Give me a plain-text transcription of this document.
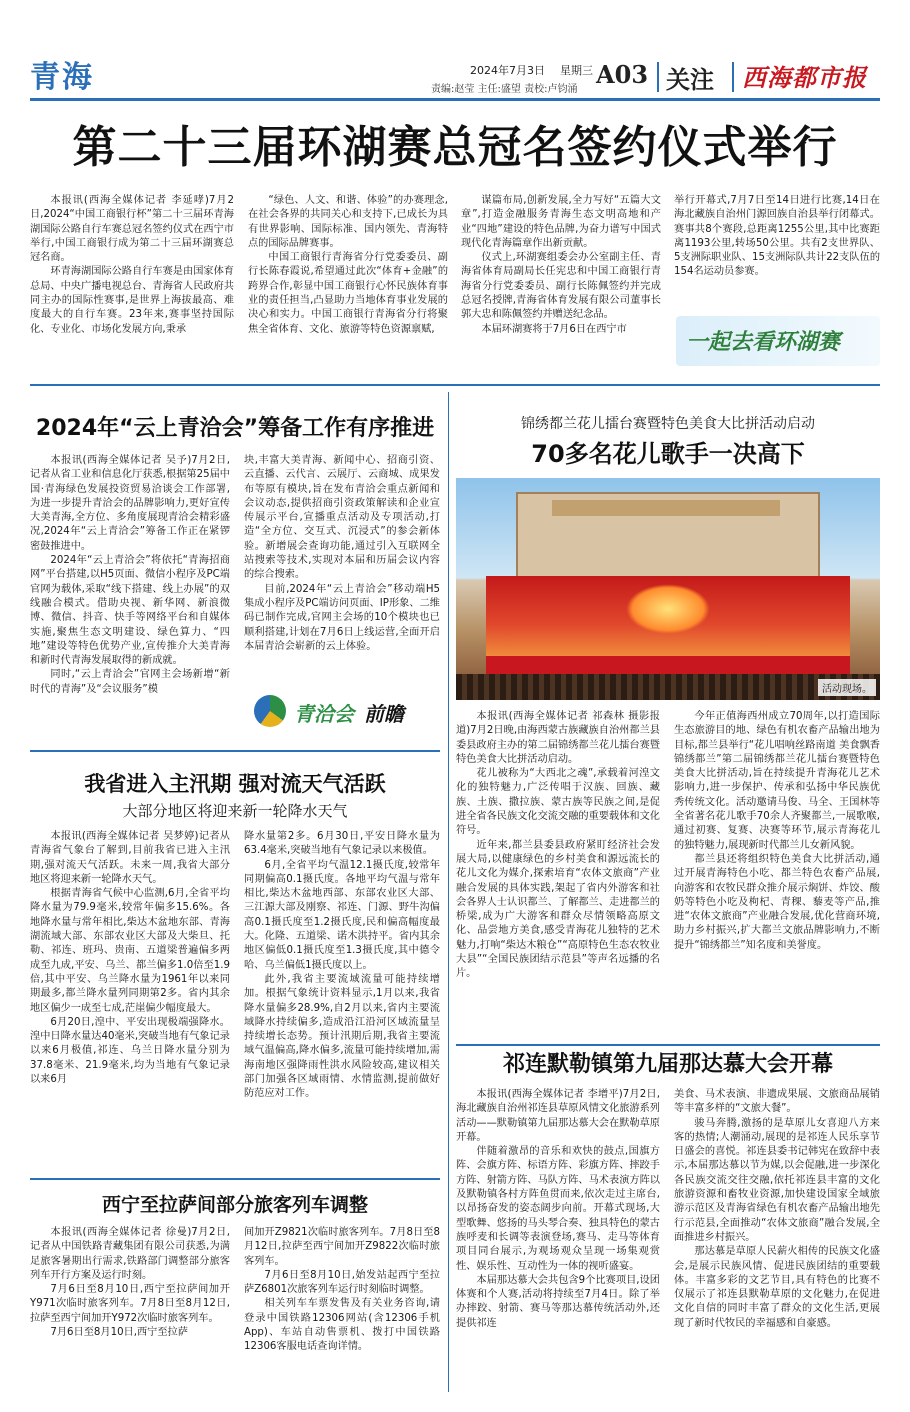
青海	2024年7月3日 星期三
责编:赵莹 主任:盛望 责校:卢钧涌
A03 关注 西海都市报
第二十三届环湖赛总冠名签约仪式举行

本报讯(西海全媒体记者 李延哮)7月2日,2024“中国工商银行杯”第二十三届环青海湖国际公路自行车赛总冠名签约仪式在西宁市举行,中国工商银行成为第二十三届环湖赛总冠名商。

环青海湖国际公路自行车赛是由国家体育总局、中央广播电视总台、青海省人民政府共同主办的国际性赛事,是世界上海拔最高、难度最大的自行车赛。23年来,赛事坚持国际化、专业化、市场化发展方向,秉承

“绿色、人文、和谐、体验”的办赛理念,在社会各界的共同关心和支持下,已成长为具有世界影响、国际标准、国内领先、青海特点的国际品牌赛事。

中国工商银行青海省分行党委委员、副行长陈春霞说,希望通过此次“体育+金融”的跨界合作,彰显中国工商银行心怀民族体育事业的责任担当,凸显助力当地体育事业发展的决心和实力。中国工商银行青海省分行将聚焦全省体育、文化、旅游等特色资源禀赋,

谋篇布局,创新发展,全力写好“五篇大文章”,打造金融服务青海生态文明高地和产业“四地”建设的特色品牌,为奋力谱写中国式现代化青海篇章作出新贡献。

仪式上,环湖赛组委会办公室副主任、青海省体育局副局长任宪忠和中国工商银行青海省分行党委委员、副行长陈佩签约并完成总冠名授牌,青海省体育发展有限公司董事长郭大忠和陈佩签约并赠送纪念品。

本届环湖赛将于7月6日在西宁市

举行开幕式,7月7日至14日进行比赛,14日在海北藏族自治州门源回族自治县举行闭幕式。赛事共8个赛段,总距离1255公里,其中比赛距离1193公里,转场50公里。共有2支世界队、5支洲际职业队、15支洲际队共计22支队伍的154名运动员参赛。

一起去看环湖赛
2024年“云上青洽会”筹备工作有序推进

本报讯(西海全媒体记者 吴予)7月2日,记者从省工业和信息化厅获悉,根据第25届中国·青海绿色发展投资贸易洽谈会工作部署,为进一步提升青洽会的品牌影响力,更好宣传大美青海,全方位、多角度展现青洽会精彩盛况,2024年“云上青洽会”筹备工作正在紧锣密鼓推进中。

2024年“云上青洽会”将依托“青海招商网”平台搭建,以H5页面、微信小程序及PC端官网为载体,采取“线下搭建、线上办展”的双线融合模式。借助央视、新华网、新浪微博、微信、抖音、快手等网络平台和自媒体实施,聚焦生态文明建设、绿色算力、“四地”建设等特色优势产业,宣传推介大美青海和新时代青海发展取得的新成就。

同时,“云上青洽会”官网主会场新增“新时代的青海”及“会议服务”模

块,丰富大美青海、新闻中心、招商引资、云直播、云代言、云展厅、云商城、成果发布等原有模块,旨在发布青洽会重点新闻和会议动态,提供招商引资政策解读和企业宣传展示平台,宣播重点活动及专项活动,打造“全方位、交互式、沉浸式”的参会新体验。新增展会查询功能,通过引入互联网全站搜索等技术,实现对本届和历届会议内容的综合搜索。

目前,2024年“云上青洽会”移动端H5集成小程序及PC端访问页面、IP形象、二维码已制作完成,官网主会场的10个模块也已顺利搭建,计划在7月6日上线运营,全面开启本届青洽会崭新的云上体验。

青洽会 前瞻
我省进入主汛期 强对流天气活跃
大部分地区将迎来新一轮降水天气

本报讯(西海全媒体记者 吴梦婷)记者从青海省气象台了解到,目前我省已进入主汛期,强对流天气活跃。未来一周,我省大部分地区将迎来新一轮降水天气。

根据青海省气候中心监测,6月,全省平均降水量为79.9毫米,较常年偏多15.6%。各地降水量与常年相比,柴达木盆地东部、青海湖流域大部、东部农业区大部及大柴旦、托勒、祁连、班玛、贵南、五道梁普遍偏多两成至九成,平安、乌兰、都兰偏多1.0倍至1.9倍,其中平安、乌兰降水量为1961年以来同期最多,都兰降水量列同期第2多。省内其余地区偏少一成至七成,茫崖偏少幅度最大。

6月20日,湟中、平安出现极端强降水。湟中日降水量达40毫米,突破当地有气象记录以来6月极值,祁连、乌兰日降水量分别为37.8毫米、21.9毫米,均为当地有气象记录以来6月

降水量第2多。6月30日,平安日降水量为63.4毫米,突破当地有气象记录以来极值。

6月,全省平均气温12.1摄氏度,较常年同期偏高0.1摄氏度。各地平均气温与常年相比,柴达木盆地西部、东部农业区大部、三江源大部及刚察、祁连、门源、野牛沟偏高0.1摄氏度至1.2摄氏度,民和偏高幅度最大。化隆、五道梁、诺木洪持平。省内其余地区偏低0.1摄氏度至1.3摄氏度,其中德令哈、乌兰偏低1摄氏度以上。

此外,我省主要流域流量可能持续增加。根据气象统计资料显示,1月以来,我省降水量偏多28.9%,自2月以来,省内主要流域降水持续偏多,造成沿江沿河区域流量呈持续增长态势。预计汛期后期,我省主要流域气温偏高,降水偏多,流量可能持续增加,需海南地区强降雨性洪水风险较高,建议相关部门加强各区域雨情、水情监测,提前做好防范应对工作。

西宁至拉萨间部分旅客列车调整

本报讯(西海全媒体记者 徐曼)7月2日,记者从中国铁路青藏集团有限公司获悉,为满足旅客暑期出行需求,铁路部门调整部分旅客列车开行方案及运行时刻。

7月6日至8月10日,西宁至拉萨间加开Y971次临时旅客列车。7月8日至8月12日,拉萨至西宁间加开Y972次临时旅客列车。

7月6日至8月10日,西宁至拉萨

间加开Z9821次临时旅客列车。7月8日至8月12日,拉萨至西宁间加开Z9822次临时旅客列车。

7月6日至8月10日,始发站起西宁至拉萨Z6801次旅客列车运行时刻临时调整。

相关列车车票发售及有关业务咨询,请登录中国铁路12306网站(含12306手机App)、车站自动售票机、拨打中国铁路12306客服电话查询详情。

锦绣都兰花儿擂台赛暨特色美食大比拼活动启动
70多名花儿歌手一决高下
活动现场。

本报讯(西海全媒体记者 祁森林 摄影报道)7月2日晚,由海西蒙古族藏族自治州都兰县委县政府主办的第二届锦绣都兰花儿擂台赛暨特色美食大比拼活动启动。

花儿被称为“大西北之魂”,承载着河湟文化的独特魅力,广泛传唱于汉族、回族、藏族、土族、撒拉族、蒙古族等民族之间,是促进全省各民族文化交流交融的重要载体和文化符号。

近年来,都兰县委县政府紧盯经济社会发展大局,以健康绿色的乡村美食和源远流长的花儿文化为媒介,探索培育“农体文旅商”产业融合发展的具体实践,架起了省内外游客和社会各界人士认识都兰、了解都兰、走进都兰的桥梁,成为广大游客和群众尽情领略高原文化、品尝地方美食,感受青海花儿独特的艺术魅力,打响“柴达木粮仓”“高原特色生态农牧业大县”“全国民族团结示范县”等声名远播的名片。

今年正值海西州成立70周年,以打造国际生态旅游目的地、绿色有机农畜产品输出地为目标,都兰县举行“花儿唱响丝路南道 美食飘香锦绣都兰”第二届锦绣都兰花儿擂台赛暨特色美食大比拼活动,旨在持续提升青海花儿艺术影响力,进一步保护、传承和弘扬中华民族优秀传统文化。活动邀请马俊、马全、王国林等全省著名花儿歌手70余人齐聚都兰,一展歌喉,通过初赛、复赛、决赛等环节,展示青海花儿的独特魅力,展现新时代都兰儿女新风貌。

都兰县还将组织特色美食大比拼活动,通过开展青海特色小吃、都兰特色农畜产品展,向游客和农牧民群众推介展示焖饼、炸饺、酸奶等特色小吃及枸杞、青稞、藜麦等产品,推进“农体文旅商”产业融合发展,优化营商环境,助力乡村振兴,扩大都兰文旅品牌影响力,不断提升“锦绣都兰”知名度和美誉度。

祁连默勒镇第九届那达慕大会开幕

本报讯(西海全媒体记者 李增平)7月2日,海北藏族自治州祁连县草原风情文化旅游系列活动——默勒镇第九届那达慕大会在默勒草原开幕。

伴随着激昂的音乐和欢快的鼓点,国旗方阵、会旗方阵、标语方阵、彩旗方阵、摔跤手方阵、射箭方阵、马队方阵、马术表演方阵以及默勒镇各村方阵鱼贯而来,依次走过主席台,以昂扬奋发的姿态阔步向前。开幕式现场,大型歌舞、悠扬的马头琴合奏、独具特色的蒙古族呼麦和长调等表演登场,赛马、走马等体育项目同台展示,为观场观众呈现一场集观赏性、娱乐性、互动性为一体的视听盛宴。

本届那达慕大会共包含9个比赛项目,设团体赛和个人赛,活动将持续至7月4日。除了举办摔跤、射箭、赛马等那达慕传统活动外,还提供祁连

美食、马术表演、非遗成果展、文旅商品展销等丰富多样的“文旅大餐”。

骏马奔腾,激扬的是草原儿女喜迎八方来客的热情;人潮涌动,展现的是祁连人民乐享节日盛会的喜悦。祁连县委书记韩宪在致辞中表示,本届那达慕以节为媒,以会促融,进一步深化各民族交流交往交融,依托祁连县丰富的文化旅游资源和畜牧业资源,加快建设国家全域旅游示范区及青海省绿色有机农畜产品输出地先行示范县,全面推动“农体文旅商”融合发展,全面推进乡村振兴。

那达慕是草原人民薪火相传的民族文化盛会,是展示民族风情、促进民族团结的重要载体。丰富多彩的文艺节目,具有特色的比赛不仅展示了祁连县默勒草原的文化魅力,在促进文化自信的同时丰富了群众的文化生活,更展现了新时代牧民的幸福感和自豪感。
